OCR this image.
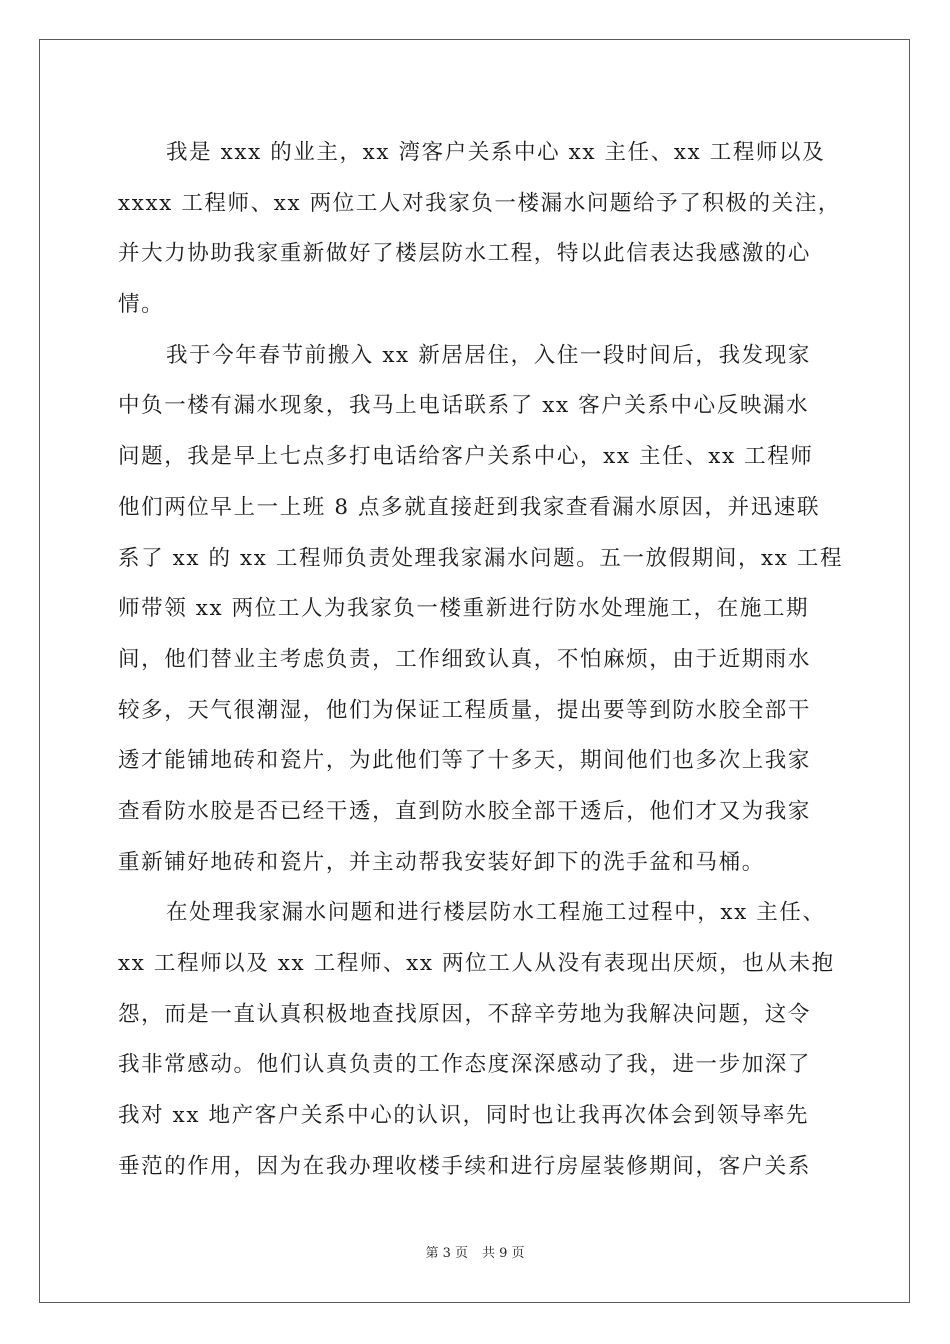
我是 xxx 的业主，xx 湾客户关系中心 xx 主任、xx 工程师以及
xxxx 工程师、xx 两位工人对我家负一楼漏水问题给予了积极的关注，
并大力协助我家重新做好了楼层防水工程，特以此信表达我感激的心
情。
我于今年春节前搬入 xx 新居居住，入住一段时间后，我发现家
中负一楼有漏水现象，我马上电话联系了 xx 客户关系中心反映漏水
问题，我是早上七点多打电话给客户关系中心，xx 主任、xx 工程师
他们两位早上一上班 8 点多就直接赶到我家查看漏水原因，并迅速联
系了 xx 的 xx 工程师负责处理我家漏水问题。五一放假期间，xx 工程
师带领 xx 两位工人为我家负一楼重新进行防水处理施工，在施工期
间，他们替业主考虑负责，工作细致认真，不怕麻烦，由于近期雨水
较多，天气很潮湿，他们为保证工程质量，提出要等到防水胶全部干
透才能铺地砖和瓷片，为此他们等了十多天，期间他们也多次上我家
查看防水胶是否已经干透，直到防水胶全部干透后，他们才又为我家
重新铺好地砖和瓷片，并主动帮我安装好卸下的洗手盆和马桶。
在处理我家漏水问题和进行楼层防水工程施工过程中，xx 主任、
xx 工程师以及 xx 工程师、xx 两位工人从没有表现出厌烦，也从未抱
怨，而是一直认真积极地查找原因，不辞辛劳地为我解决问题，这令
我非常感动。他们认真负责的工作态度深深感动了我，进一步加深了
我对 xx 地产客户关系中心的认识，同时也让我再次体会到领导率先
垂范的作用，因为在我办理收楼手续和进行房屋装修期间，客户关系
第 3 页 共 9 页
